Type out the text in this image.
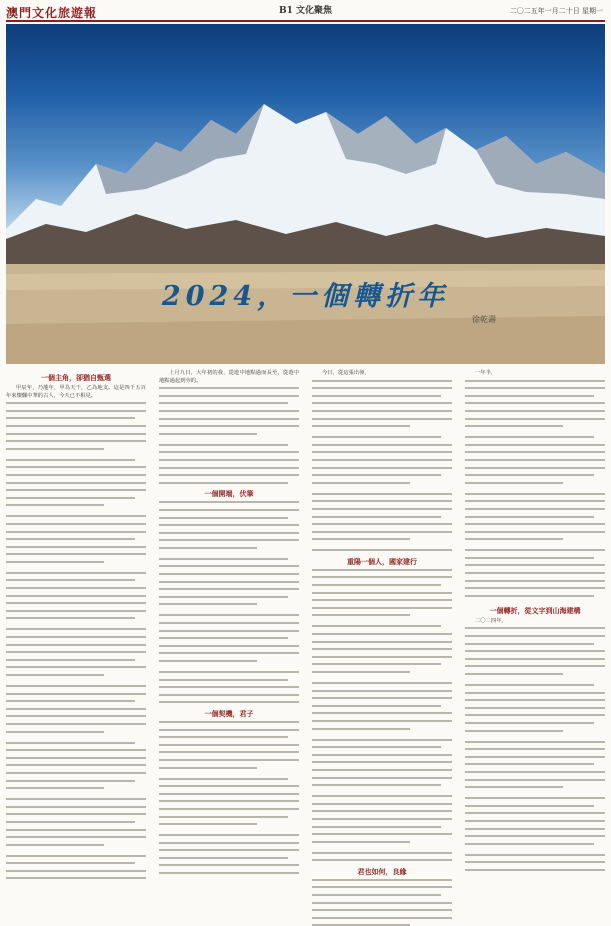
澳門文化旅遊報	B1 文化聚焦	二〇二五年一月二十日 星期一
2024，一個轉折年
徐乾壽
一個主角，卻猶自甄選

甲辰年，乃龍年，甲為天干，乙為地支。這是四千五百年來燦爛中華的古人，今天已不相見。

上月九日，大年初的我，從遊中地點過而長至，從遊中地點過起到旁的。

一個開端，伏筆
一個契機，君子

今日，從這張出發，

重陽一個人，國家建行
君也如何，良緣

一年半，

一個轉折，從文字到山海建構

二〇二四年，
